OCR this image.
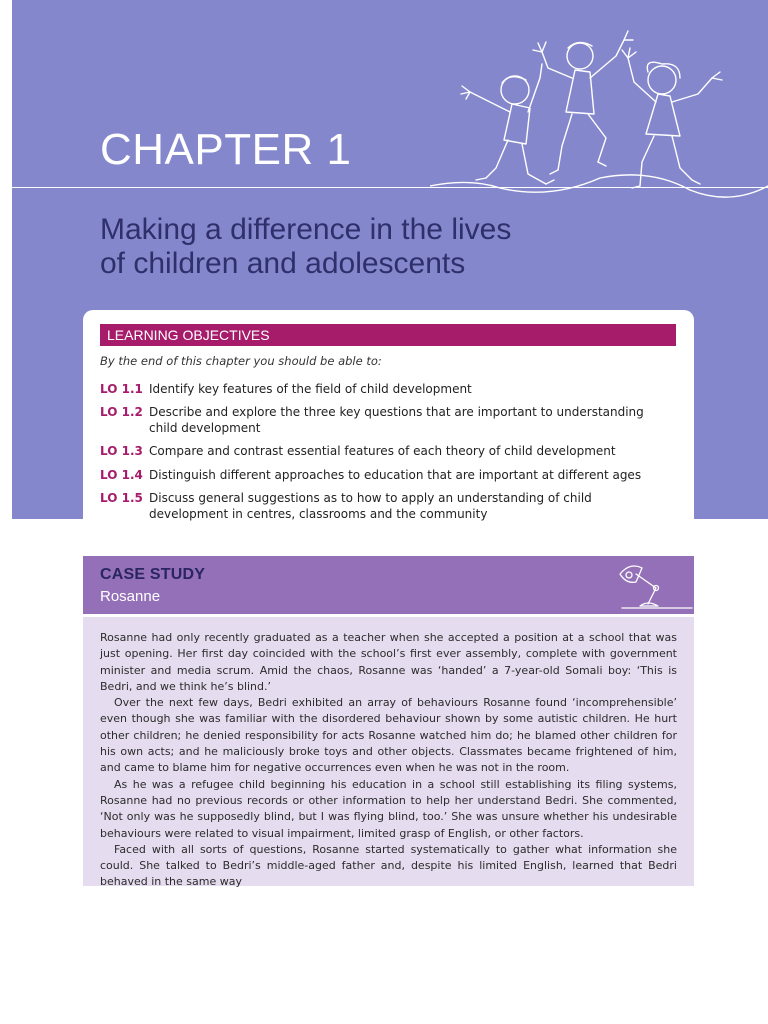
CHAPTER 1
Making a difference in the lives
of children and adolescents
LEARNING OBJECTIVES
By the end of this chapter you should be able to:
LO 1.1 Identify key features of the field of child development
LO 1.2 Describe and explore the three key questions that are important to understanding child development
LO 1.3 Compare and contrast essential features of each theory of child development
LO 1.4 Distinguish different approaches to education that are important at different ages
LO 1.5 Discuss general suggestions as to how to apply an understanding of child development in centres, classrooms and the community
CASE STUDY
Rosanne

Rosanne had only recently graduated as a teacher when she accepted a position at a school that was just opening. Her first day coincided with the school’s first ever assembly, complete with government minister and media scrum. Amid the chaos, Rosanne was ‘handed’ a 7-year-old Somali boy: ‘This is Bedri, and we think he’s blind.’

Over the next few days, Bedri exhibited an array of behaviours Rosanne found ‘incomprehensible’ even though she was familiar with the disordered behaviour shown by some autistic children. He hurt other children; he denied responsibility for acts Rosanne watched him do; he blamed other children for his own acts; and he maliciously broke toys and other objects. Classmates became frightened of him, and came to blame him for negative occurrences even when he was not in the room.

As he was a refugee child beginning his education in a school still establishing its filing systems, Rosanne had no previous records or other information to help her understand Bedri. She commented, ‘Not only was he supposedly blind, but I was flying blind, too.’ She was unsure whether his undesirable behaviours were related to visual impairment, limited grasp of English, or other factors.

Faced with all sorts of questions, Rosanne started systematically to gather what information she could. She talked to Bedri’s middle-aged father and, despite his limited English, learned that Bedri behaved in the same way
